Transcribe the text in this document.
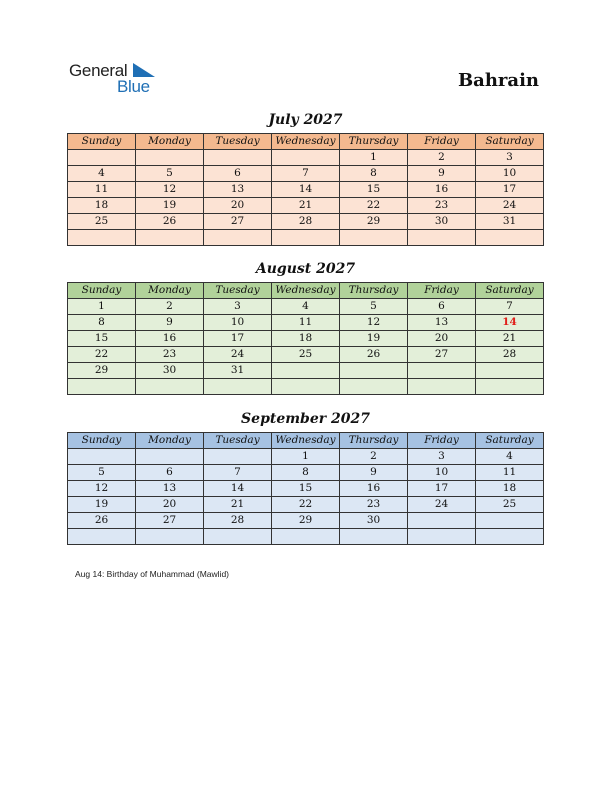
General
Blue	Bahrain
July 2027
Sunday	Monday	Tuesday	Wednesday	Thursday	Friday	Saturday
				1	2	3
4	5	6	7	8	9	10
11	12	13	14	15	16	17
18	19	20	21	22	23	24
25	26	27	28	29	30	31

August 2027
Sunday	Monday	Tuesday	Wednesday	Thursday	Friday	Saturday
1	2	3	4	5	6	7
8	9	10	11	12	13	14
15	16	17	18	19	20	21
22	23	24	25	26	27	28
29	30	31				

September 2027
Sunday	Monday	Tuesday	Wednesday	Thursday	Friday	Saturday
			1	2	3	4
5	6	7	8	9	10	11
12	13	14	15	16	17	18
19	20	21	22	23	24	25
26	27	28	29	30		

Aug 14: Birthday of Muhammad (Mawlid)
